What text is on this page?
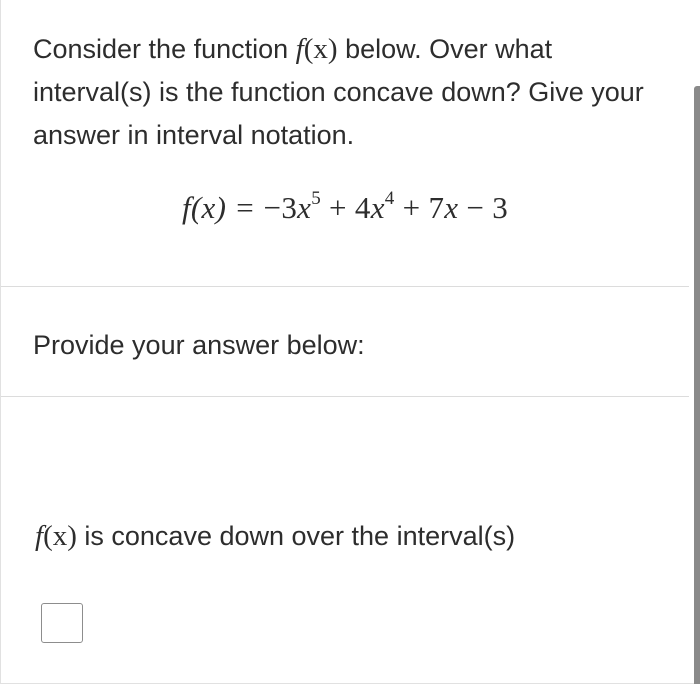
Consider the function f(x) below. Over what interval(s) is the function concave down? Give your answer in interval notation.
$f(x) = -3x^5 + 4x^4 + 7x - 3$
Provide your answer below:
f(x) is concave down over the interval(s)
